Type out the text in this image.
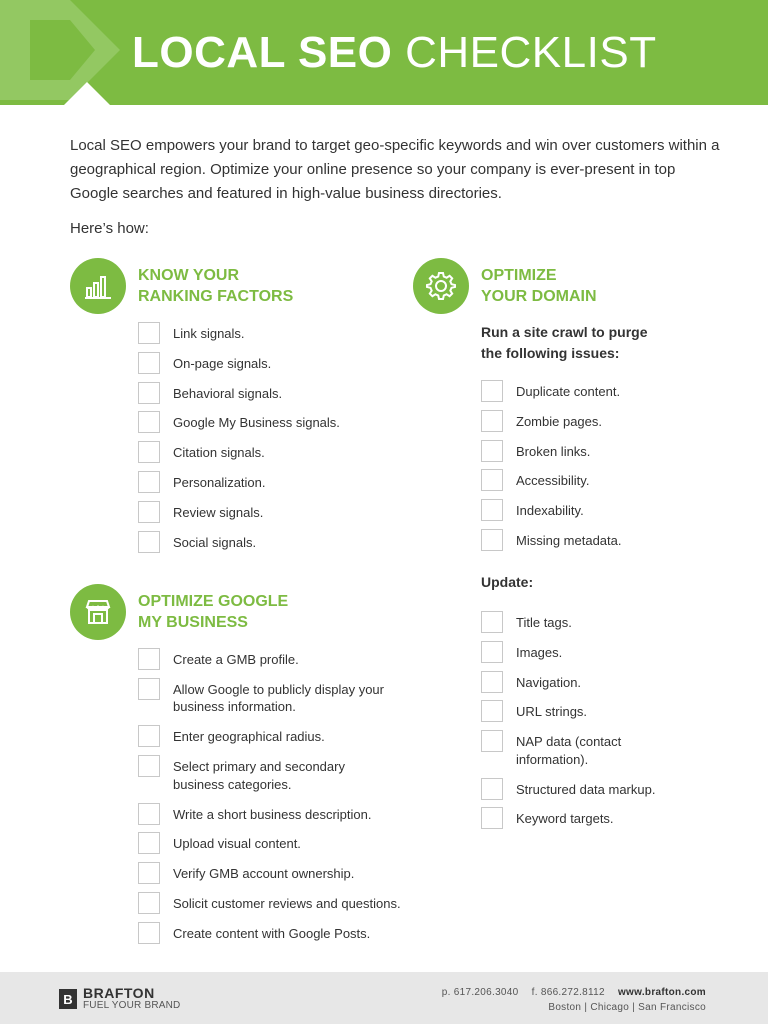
LOCAL SEO CHECKLIST

Local SEO empowers your brand to target geo-specific keywords and win over customers within a geographical region. Optimize your online presence so your company is ever-present in top Google searches and featured in high-value business directories.

Here’s how:

KNOW YOUR
RANKING FACTORS
Link signals.
On-page signals.
Behavioral signals.
Google My Business signals.
Citation signals.
Personalization.
Review signals.
Social signals.
OPTIMIZE GOOGLE
MY BUSINESS
Create a GMB profile.
Allow Google to publicly display your business information.
Enter geographical radius.
Select primary and secondary business categories.
Write a short business description.
Upload visual content.
Verify GMB account ownership.
Solicit customer reviews and questions.
Create content with Google Posts.
OPTIMIZE
YOUR DOMAIN
Run a site crawl to purge the following issues:
Duplicate content.
Zombie pages.
Broken links.
Accessibility.
Indexability.
Missing metadata.
Update:
Title tags.
Images.
Navigation.
URL strings.
NAP data (contact information).
Structured data markup.
Keyword targets.
B BRAFTON
FUEL YOUR BRAND
p. 617.206.3040 f. 866.272.8112 www.brafton.com
Boston | Chicago | San Francisco
